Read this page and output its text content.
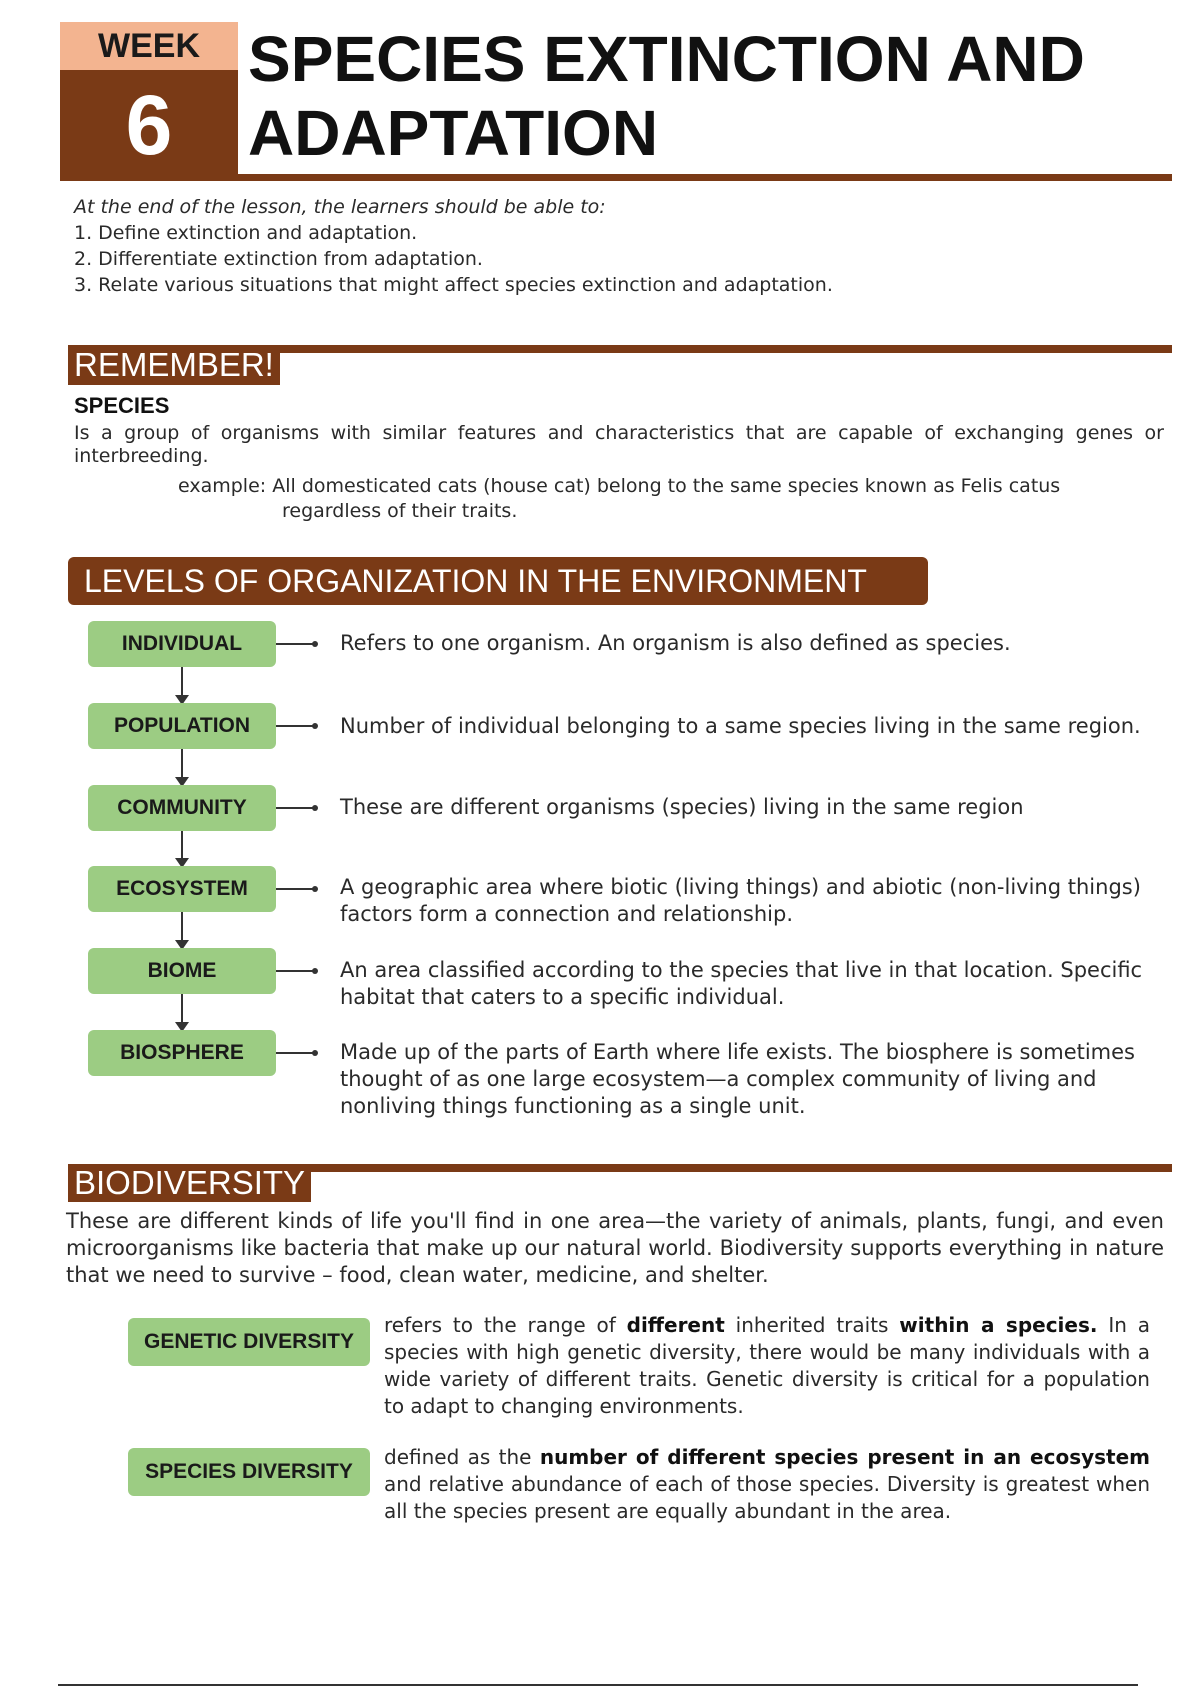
WEEK
6
SPECIES EXTINCTION AND
ADAPTATION
At the end of the lesson, the learners should be able to:
1. Define extinction and adaptation.
2. Differentiate extinction from adaptation.
3. Relate various situations that might affect species extinction and adaptation.
REMEMBER!
SPECIES
Is a group of organisms with similar features and characteristics that are capable of exchanging genes or interbreeding.
example: All domesticated cats (house cat) belong to the same species known as Felis catus
regardless of their traits.
LEVELS OF ORGANIZATION IN THE ENVIRONMENT
INDIVIDUAL	Refers to one organism. An organism is also defined as species.
POPULATION	Number of individual belonging to a same species living in the same region.
COMMUNITY	These are different organisms (species) living in the same region
ECOSYSTEM	A geographic area where biotic (living things) and abiotic (non-living things) factors form a connection and relationship.
BIOME	An area classified according to the species that live in that location. Specific habitat that caters to a specific individual.
BIOSPHERE	Made up of the parts of Earth where life exists. The biosphere is sometimes thought of as one large ecosystem—a complex community of living and nonliving things functioning as a single unit.
BIODIVERSITY
These are different kinds of life you'll find in one area—the variety of animals, plants, fungi, and even microorganisms like bacteria that make up our natural world. Biodiversity supports everything in nature that we need to survive – food, clean water, medicine, and shelter.
GENETIC DIVERSITY
refers to the range of different inherited traits within a species. In a species with high genetic diversity, there would be many individuals with a wide variety of different traits. Genetic diversity is critical for a population to adapt to changing environments.
SPECIES DIVERSITY
defined as the number of different species present in an ecosystem and relative abundance of each of those species. Diversity is greatest when all the species present are equally abundant in the area.
